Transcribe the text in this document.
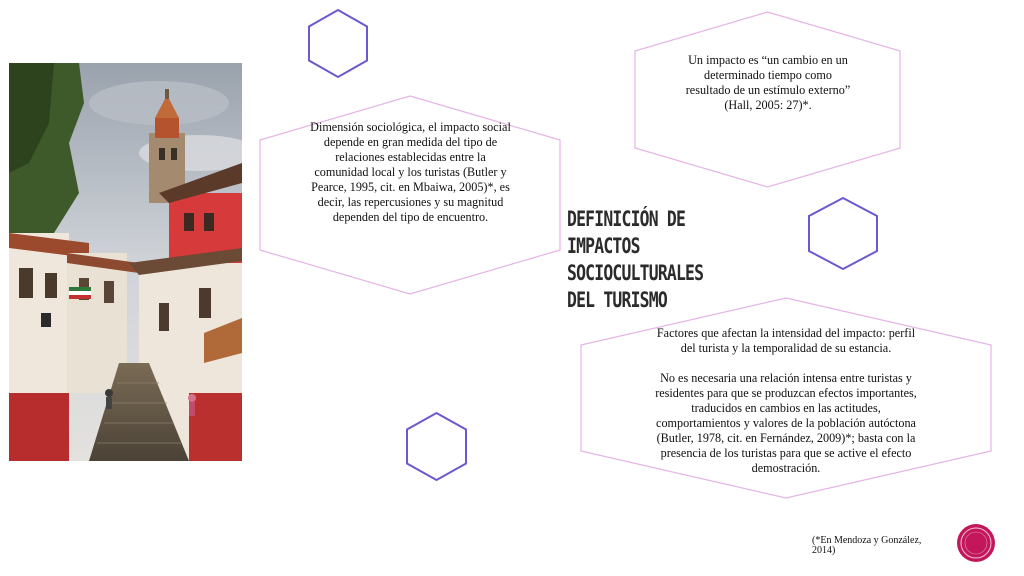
Dimensión sociológica, el impacto social depende en gran medida del tipo de relaciones establecidas entre la comunidad local y los turistas (Butler y Pearce, 1995, cit. en Mbaiwa, 2005)*, es decir, las repercusiones y su magnitud dependen del tipo de encuentro.
Un impacto es “un cambio en un determinado tiempo como resultado de un estímulo externo” (Hall, 2005: 27)*.
Factores que afectan la intensidad del impacto: perfil del turista y la temporalidad de su estancia.
No es necesaria una relación intensa entre turistas y residentes para que se produzcan efectos importantes, traducidos en cambios en las actitudes, comportamientos y valores de la población autóctona (Butler, 1978, cit. en Fernández, 2009)*; basta con la presencia de los turistas para que se active el efecto demostración.
DEFINICIÓN DE
IMPACTOS
SOCIOCULTURALES
DEL TURISMO
(*En Mendoza y González, 2014)
